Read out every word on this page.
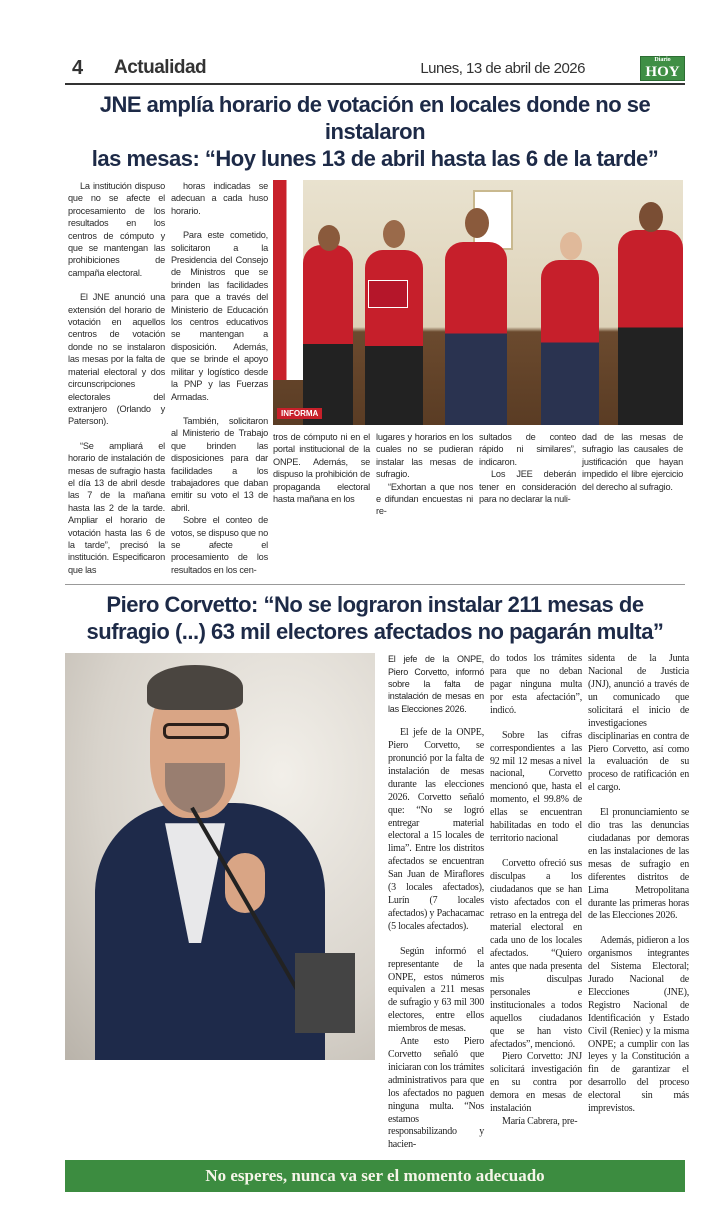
4	Actualidad	Lunes, 13 de abril de 2026	Diario
HOY
JNE amplía horario de votación en locales donde no se instalaron
las mesas: “Hoy lunes 13 de abril hasta las 6 de la tarde”

La institución dispuso que no se afecte el procesamiento de los resultados en los centros de cómputo y que se mantengan las prohibiciones de campaña electoral.

El JNE anunció una extensión del horario de votación en aquellos centros de votación donde no se instalaron las mesas por la falta de material electoral y dos circunscripciones electorales del extranjero (Orlando y Paterson).

“Se ampliará el horario de instalación de mesas de sufragio hasta el día 13 de abril desde las 7 de la mañana hasta las 2 de la tarde. Ampliar el horario de votación hasta las 6 de la tarde”, precisó la institución. Especificaron que las

horas indicadas se adecuan a cada huso horario.

Para este cometido, solicitaron a la Presidencia del Consejo de Ministros que se brinden las facilidades para que a través del Ministerio de Educación los centros educativos se mantengan a disposición. Además, que se brinde el apoyo militar y logístico desde la PNP y las Fuerzas Armadas.

También, solicitaron al Ministerio de Trabajo que brinden las disposiciones para dar facilidades a los trabajadores que daban emitir su voto el 13 de abril.

Sobre el conteo de votos, se dispuso que no se afecte el procesamiento de los resultados en los cen-

INFORMA

tros de cómputo ni en el portal institucional de la ONPE. Además, se dispuso la prohibición de propaganda electoral hasta mañana en los

lugares y horarios en los cuales no se pudieran instalar las mesas de sufragio.

“Exhortan a que nos e difundan encuestas ni re-

sultados de conteo rápido ni similares”, indicaron.

Los JEE deberán tener en consideración para no declarar la nuli-

dad de las mesas de sufragio las causales de justificación que hayan impedido el libre ejercicio del derecho al sufragio.

Piero Corvetto: “No se lograron instalar 211 mesas de
sufragio (...) 63 mil electores afectados no pagarán multa”

El jefe de la ONPE, Piero Corvetto, informó sobre la falta de instalación de mesas en las Elecciones 2026.

El jefe de la ONPE, Piero Corvetto, se pronunció por la falta de instalación de mesas durante las elecciones 2026. Corvetto señaló que: “No se logró entregar material electoral a 15 locales de lima”. Entre los distritos afectados se encuentran San Juan de Miraflores (3 locales afectados), Lurín (7 locales afectados) y Pachacamac (5 locales afectados).

Según informó el representante de la ONPE, estos números equivalen a 211 mesas de sufragio y 63 mil 300 electores, entre ellos miembros de mesas.

Ante esto Piero Corvetto señaló que iniciaran con los trámites administrativos para que los afectados no paguen ninguna multa. “Nos estamos responsabilizando y hacien-

do todos los trámites para que no deban pagar ninguna multa por esta afectación”, indicó.

Sobre las cifras correspondientes a las 92 mil 12 mesas a nivel nacional, Corvetto mencionó que, hasta el momento, el 99.8% de ellas se encuentran habilitadas en todo el territorio nacional

Corvetto ofreció sus disculpas a los ciudadanos que se han visto afectados con el retraso en la entrega del material electoral en cada uno de los locales afectados. “Quiero antes que nada presenta mis disculpas personales e institucionales a todos aquellos ciudadanos que se han visto afectados”, mencionó.

Piero Corvetto: JNJ solicitará investigación en su contra por demora en mesas de instalación

María Cabrera, pre-

sidenta de la Junta Nacional de Justicia (JNJ), anunció a través de un comunicado que solicitará el inicio de investigaciones disciplinarias en contra de Piero Corvetto, así como la evaluación de su proceso de ratificación en el cargo.

El pronunciamiento se dio tras las denuncias ciudadanas por demoras en las instalaciones de las mesas de sufragio en diferentes distritos de Lima Metropolitana durante las primeras horas de las Elecciones 2026.

Además, pidieron a los organismos integrantes del Sistema Electoral; Jurado Nacional de Elecciones (JNE), Registro Nacional de Identificación y Estado Civil (Reniec) y la misma ONPE; a cumplir con las leyes y la Constitución a fin de garantizar el desarrollo del proceso electoral sin más imprevistos.

No esperes, nunca va ser el momento adecuado
